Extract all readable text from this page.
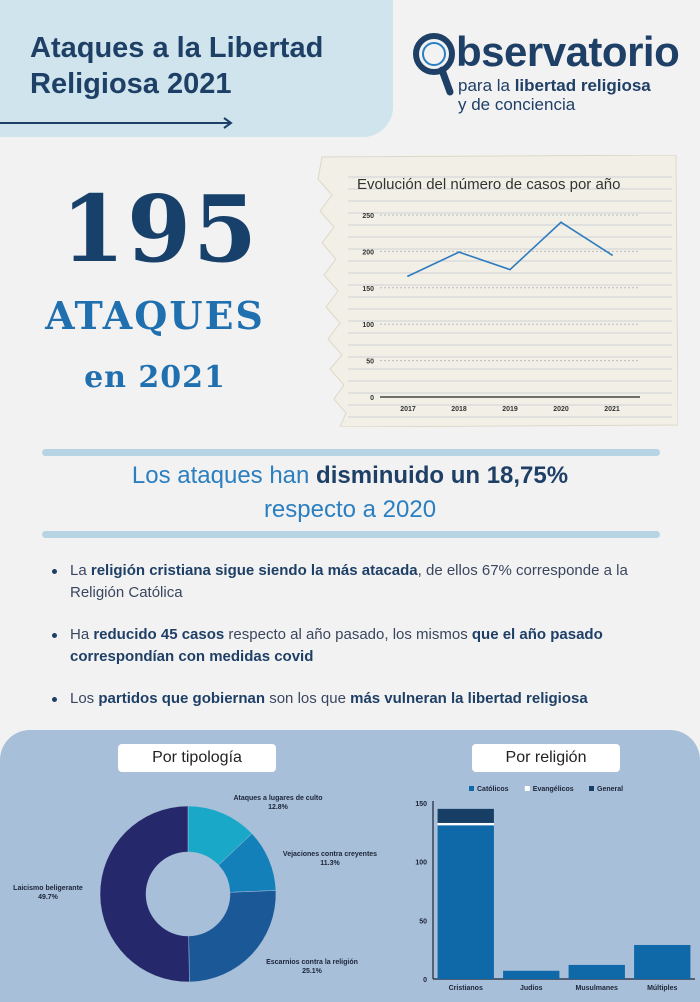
Ataques a la Libertad
Religiosa 2021
bservatorio
para la libertad religiosa
y de conciencia
195
ATAQUES
en 2021
Evolución del número de casos por año
0
50
100
150
200
250
2017	2018	2019	2020	2021
Los ataques han disminuido un 18,75%
respecto a 2020
La religión cristiana sigue siendo la más atacada, de ellos 67% corresponde a la Religión Católica
Ha reducido 45 casos respecto al año pasado, los mismos que el año pasado correspondían con medidas covid
Los partidos que gobiernan son los que más vulneran la libertad religiosa
Por tipología	Por religión
Ataques a lugares de culto
12.8%
Vejaciones contra creyentes
11.3%
Escarnios contra la religión
25.1%
Laicismo beligerante
49.7%
Católicos	Evangélicos	General
0
50
100
150
Cristianos	Judíos	Musulmanes	Múltiples
